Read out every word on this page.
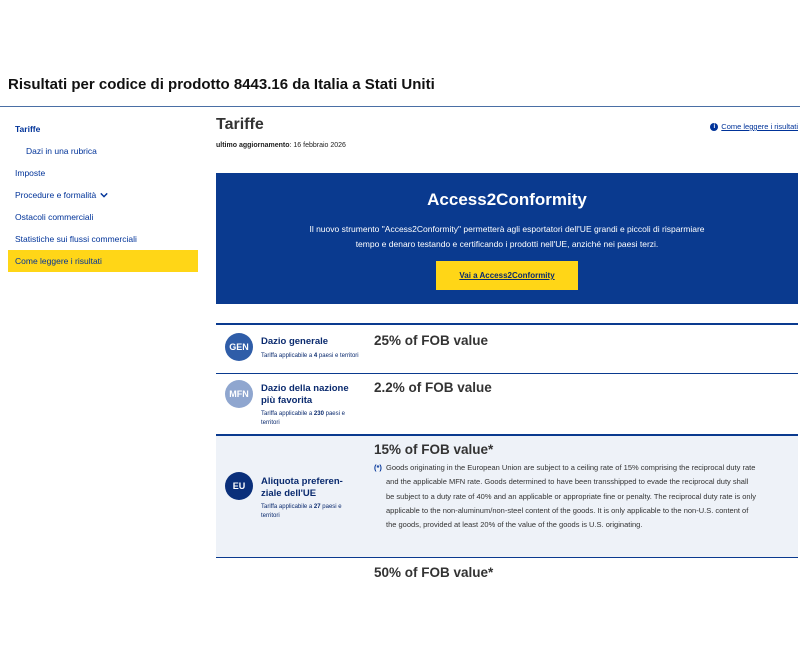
Risultati per codice di prodotto 8443.16 da Italia a Stati Uniti
Tariffe
Dazi in una rubrica
Imposte
Procedure e formalità
Ostacoli commerciali
Statistiche sui flussi commerciali
Come leggere i risultati
Tariffe
ultimo aggiornamento: 16 febbraio 2026
i Come leggere i risultati
Access2Conformity
Il nuovo strumento "Access2Conformity" permetterà agli esportatori dell'UE grandi e piccoli di risparmiare tempo e denaro testando e certificando i prodotti nell'UE, anziché nei paesi terzi.
Vai a Access2Conformity
GEN	Dazio generale
Tariffa applicabile a 4 paesi e territori
25% of FOB value
MFN	Dazio della nazione più favorita
Tariffa applicabile a 230 paesi e territori
2.2% of FOB value
EU	Aliquota preferen-ziale dell'UE
Tariffa applicabile a 27 paesi e territori
15% of FOB value*
(*) Goods originating in the European Union are subject to a ceiling rate of 15% comprising the reciprocal duty rate and the applicable MFN rate. Goods determined to have been transshipped to evade the reciprocal duty shall be subject to a duty rate of 40% and an applicable or appropriate fine or penalty. The reciprocal duty rate is only applicable to the non-aluminum/non-steel content of the goods. It is only applicable to the non-U.S. content of the goods, provided at least 20% of the value of the goods is U.S. originating.
50% of FOB value*
